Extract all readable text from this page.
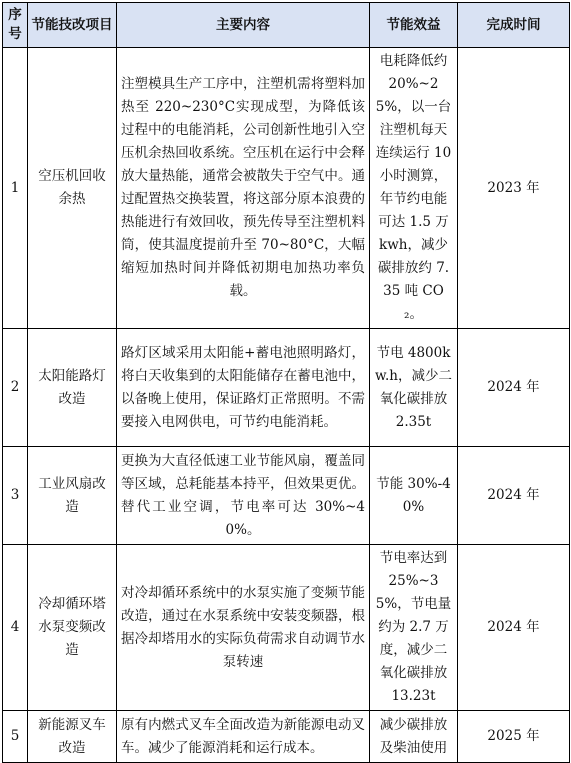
序号	节能技改项目	主要内容	节能效益	完成时间
1	空压机回收余热	注塑模具生产工序中，注塑机需将塑料加热至 220~230°C实现成型，为降低该过程中的电能消耗，公司创新性地引入空压机余热回收系统。空压机在运行中会释放大量热能，通常会被散失于空气中。通过配置热交换装置，将这部分原本浪费的热能进行有效回收，预先传导至注塑机料筒，使其温度提前升至 70~80°C，大幅缩短加热时间并降低初期电加热功率负载。	电耗降低约 20%~25%，以一台注塑机每天连续运行 10 小时测算，年节约电能可达 1.5 万 kwh，减少碳排放约 7.35 吨 CO₂。	2023 年
2	太阳能路灯改造	路灯区域采用太阳能+蓄电池照明路灯，将白天收集到的太阳能储存在蓄电池中，以备晚上使用，保证路灯正常照明。不需要接入电网供电，可节约电能消耗。	节电 4800kw.h，减少二氧化碳排放 2.35t	2024 年
3	工业风扇改造	更换为大直径低速工业节能风扇，覆盖同等区域，总耗能基本持平，但效果更优。替代工业空调，节电率可达 30%~40%。	节能 30%-40%	2024 年
4	冷却循环塔水泵变频改造	对冷却循环系统中的水泵实施了变频节能改造，通过在水泵系统中安装变频器，根据冷却塔用水的实际负荷需求自动调节水泵转速	节电率达到 25%~35%，节电量约为 2.7 万度，减少二氧化碳排放 13.23t	2024 年
5	新能源叉车改造	原有内燃式叉车全面改造为新能源电动叉车。减少了能源消耗和运行成本。	减少碳排放及柴油使用	2025 年
